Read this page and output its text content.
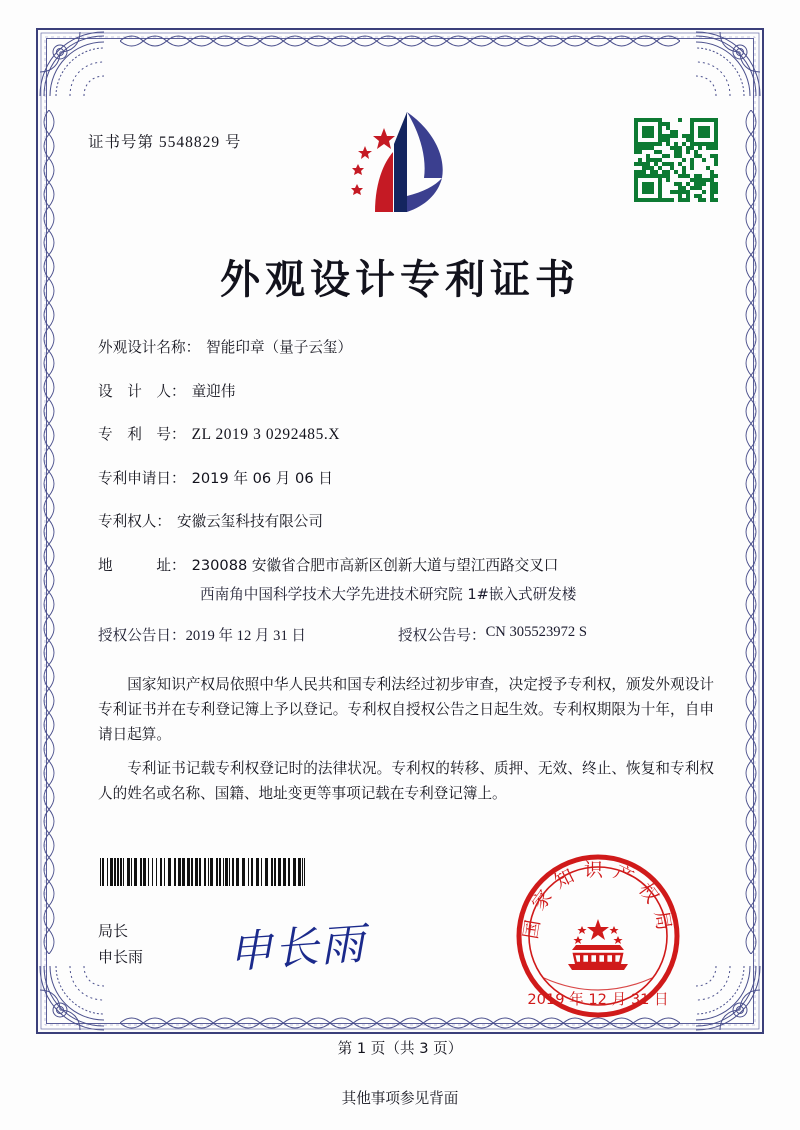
证书号第 5548829 号
外观设计专利证书
外观设计名称： 智能印章（量子云玺）
设　计　人： 童迎伟
专　利　号： ZL 2019 3 0292485.X
专利申请日： 2019 年 06 月 06 日
专利权人： 安徽云玺科技有限公司
地　　　址： 230088 安徽省合肥市高新区创新大道与望江西路交叉口
西南角中国科学技术大学先进技术研究院 1#嵌入式研发楼
授权公告日： 2019 年 12 月 31 日	授权公告号： CN 305523972 S

国家知识产权局依照中华人民共和国专利法经过初步审查，决定授予专利权，颁发外观设计专利证书并在专利登记簿上予以登记。专利权自授权公告之日起生效。专利权期限为十年，自申请日起算。

专利证书记载专利权登记时的法律状况。专利权的转移、质押、无效、终止、恢复和专利权人的姓名或名称、国籍、地址变更等事项记载在专利登记簿上。

局长
申长雨 申长雨	国家知识产权局
2019 年 12 月 31 日
第 1 页（共 3 页）
其他事项参见背面
